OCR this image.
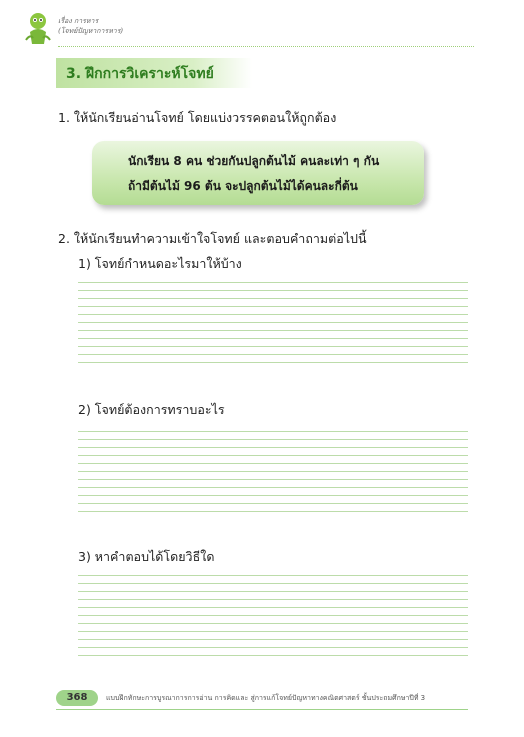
เรื่อง การหาร
(โจทย์ปัญหาการหาร)
3. ฝึกการวิเคราะห์โจทย์
1. ให้นักเรียนอ่านโจทย์ โดยแบ่งวรรคตอนให้ถูกต้อง
นักเรียน 8 คน ช่วยกันปลูกต้นไม้ คนละเท่า ๆ กัน
ถ้ามีต้นไม้ 96 ต้น จะปลูกต้นไม้ได้คนละกี่ต้น
2. ให้นักเรียนทำความเข้าใจโจทย์ และตอบคำถามต่อไปนี้
1) โจทย์กำหนดอะไรมาให้บ้าง
2) โจทย์ต้องการทราบอะไร
3) หาคำตอบได้โดยวิธีใด
368	แบบฝึกทักษะการบูรณาการการอ่าน การคิดและ สู่การแก้โจทย์ปัญหาทางคณิตศาสตร์ ชั้นประถมศึกษาปีที่ 3
